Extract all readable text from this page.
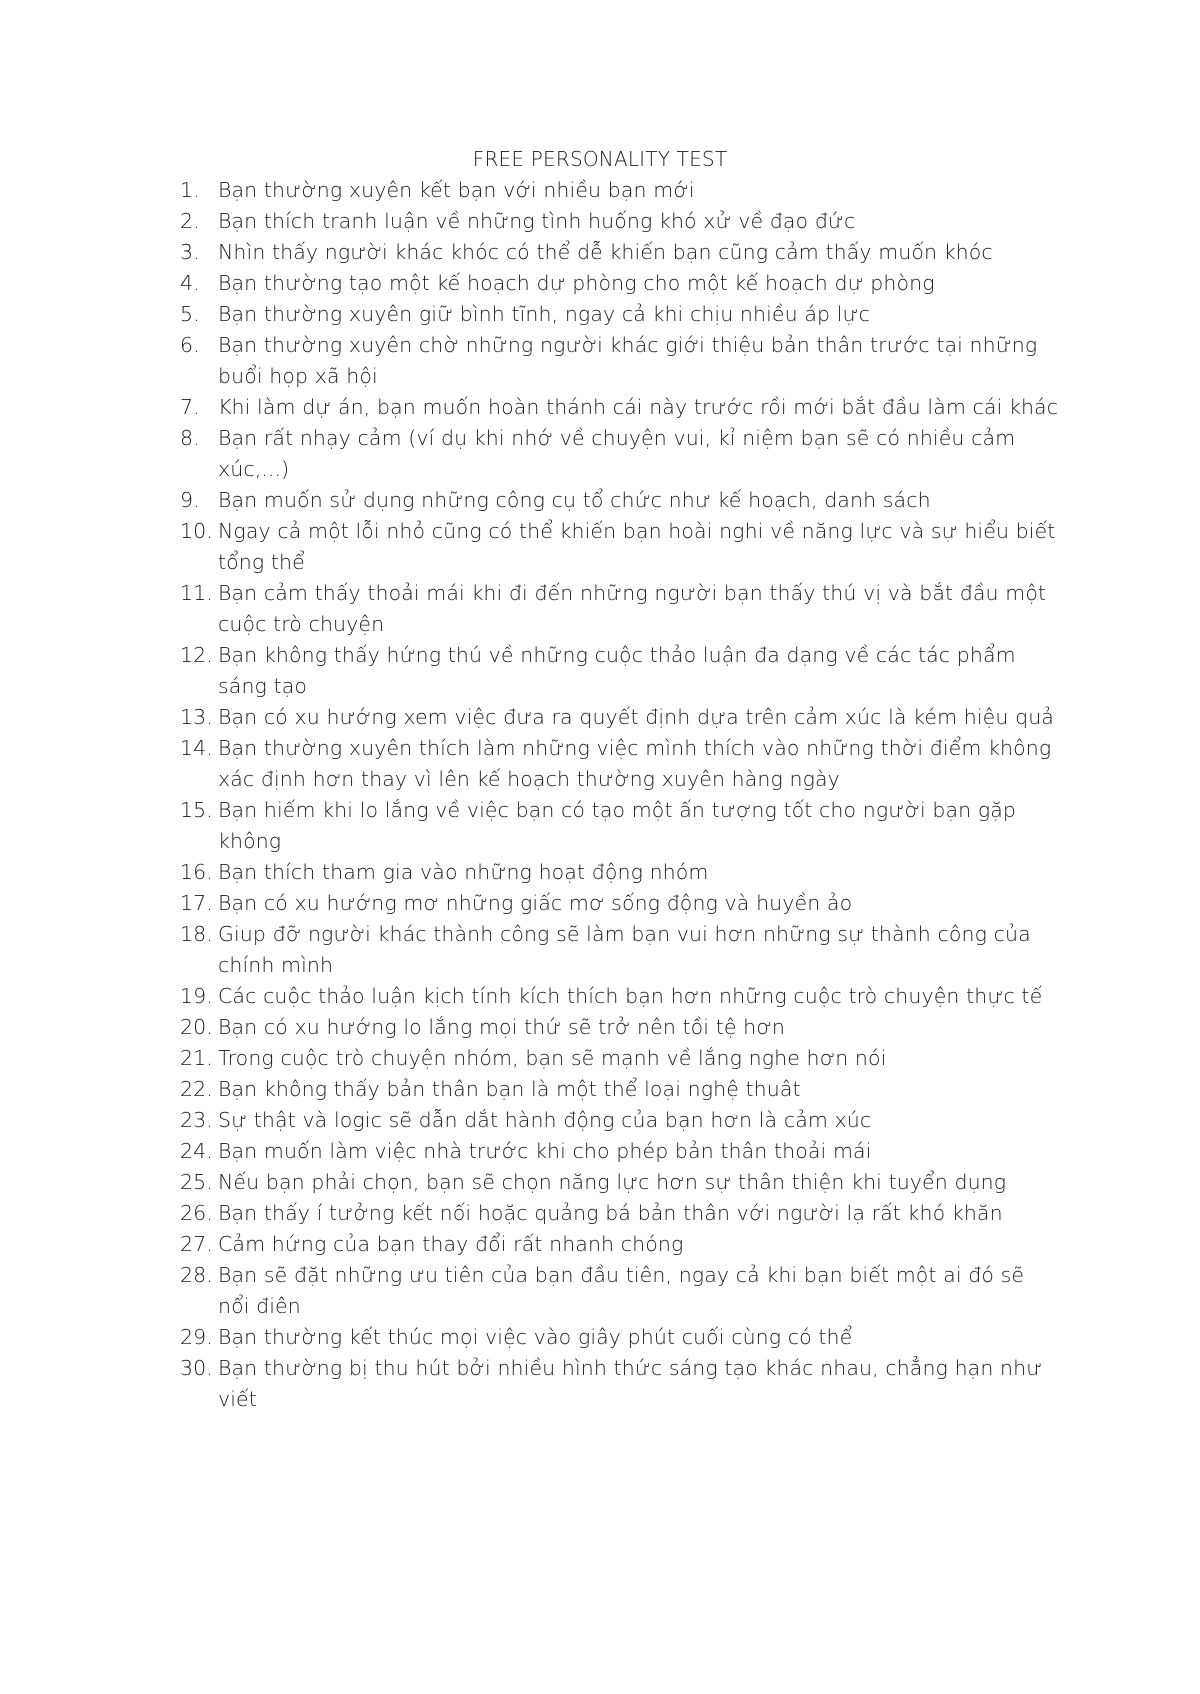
FREE PERSONALITY TEST
1. Bạn thường xuyên kết bạn với nhiều bạn mới
2. Bạn thích tranh luận về những tình huống khó xử về đạo đức
3. Nhìn thấy người khác khóc có thể dễ khiến bạn cũng cảm thấy muốn khóc
4. Bạn thường tạo một kế hoạch dự phòng cho một kế hoạch dự phòng
5. Bạn thường xuyên giữ bình tĩnh, ngay cả khi chịu nhiều áp lực
6. Bạn thường xuyên chờ những người khác giới thiệu bản thân trước tại những buổi họp xã hội
7. Khi làm dự án, bạn muốn hoàn thánh cái này trước rồi mới bắt đầu làm cái khác
8. Bạn rất nhạy cảm (ví dụ khi nhớ về chuyện vui, kỉ niệm bạn sẽ có nhiều cảm xúc,...)
9. Bạn muốn sử dụng những công cụ tổ chức như kế hoạch, danh sách
10. Ngay cả một lỗi nhỏ cũng có thể khiến bạn hoài nghi về năng lực và sự hiểu biết tổng thể
11. Bạn cảm thấy thoải mái khi đi đến những người bạn thấy thú vị và bắt đầu một cuộc trò chuyện
12. Bạn không thấy hứng thú về những cuộc thảo luận đa dạng về các tác phẩm sáng tạo
13. Bạn có xu hướng xem việc đưa ra quyết định dựa trên cảm xúc là kém hiệu quả
14. Bạn thường xuyên thích làm những việc mình thích vào những thời điểm không xác định hơn thay vì lên kế hoạch thường xuyên hàng ngày
15. Bạn hiếm khi lo lắng về việc bạn có tạo một ấn tượng tốt cho người bạn gặp không
16. Bạn thích tham gia vào những hoạt động nhóm
17. Bạn có xu hướng mơ những giấc mơ sống động và huyền ảo
18. Giup đỡ người khác thành công sẽ làm bạn vui hơn những sự thành công của chính mình
19. Các cuộc thảo luận kịch tính kích thích bạn hơn những cuộc trò chuyện thực tế
20. Bạn có xu hướng lo lắng mọi thứ sẽ trở nên tồi tệ hơn
21. Trong cuộc trò chuyện nhóm, bạn sẽ mạnh về lắng nghe hơn nói
22. Bạn không thấy bản thân bạn là một thể loại nghệ thuât
23. Sự thật và logic sẽ dẫn dắt hành động của bạn hơn là cảm xúc
24. Bạn muốn làm việc nhà trước khi cho phép bản thân thoải mái
25. Nếu bạn phải chọn, bạn sẽ chọn năng lực hơn sự thân thiện khi tuyển dụng
26. Bạn thấy í tưởng kết nối hoặc quảng bá bản thân với người lạ rất khó khăn
27. Cảm hứng của bạn thay đổi rất nhanh chóng
28. Bạn sẽ đặt những ưu tiên của bạn đầu tiên, ngay cả khi bạn biết một ai đó sẽ nổi điên
29. Bạn thường kết thúc mọi việc vào giây phút cuối cùng có thể
30. Bạn thường bị thu hút bởi nhiều hình thức sáng tạo khác nhau, chẳng hạn như viết
